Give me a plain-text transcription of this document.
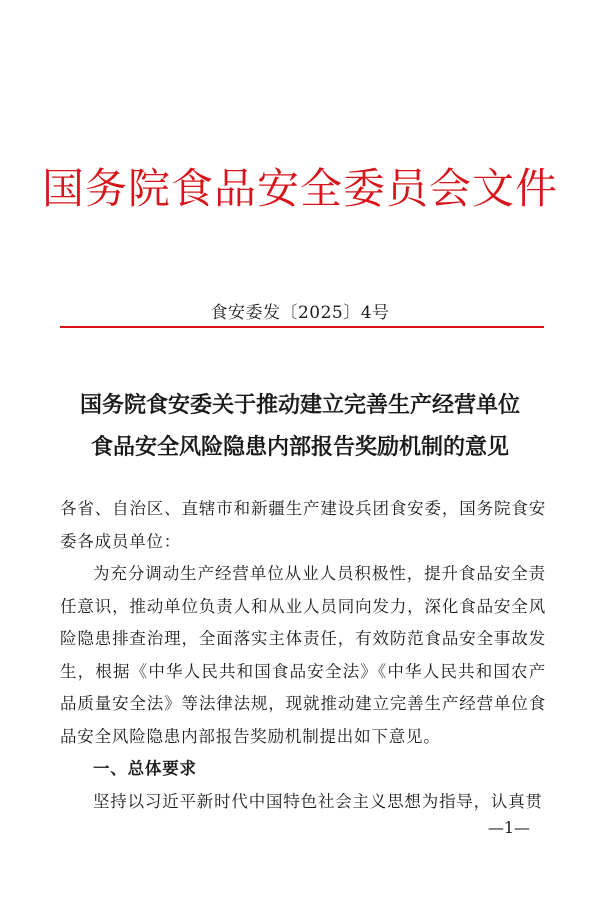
国务院食品安全委员会文件
食安委发〔2025〕4号
国务院食安委关于推动建立完善生产经营单位
食品安全风险隐患内部报告奖励机制的意见

各省、自治区、直辖市和新疆生产建设兵团食安委，国务院食安委各成员单位：

为充分调动生产经营单位从业人员积极性，提升食品安全责任意识，推动单位负责人和从业人员同向发力，深化食品安全风险隐患排查治理，全面落实主体责任，有效防范食品安全事故发生，根据《中华人民共和国食品安全法》《中华人民共和国农产品质量安全法》等法律法规，现就推动建立完善生产经营单位食品安全风险隐患内部报告奖励机制提出如下意见。

一、总体要求

坚持以习近平新时代中国特色社会主义思想为指导，认真贯

—1—
